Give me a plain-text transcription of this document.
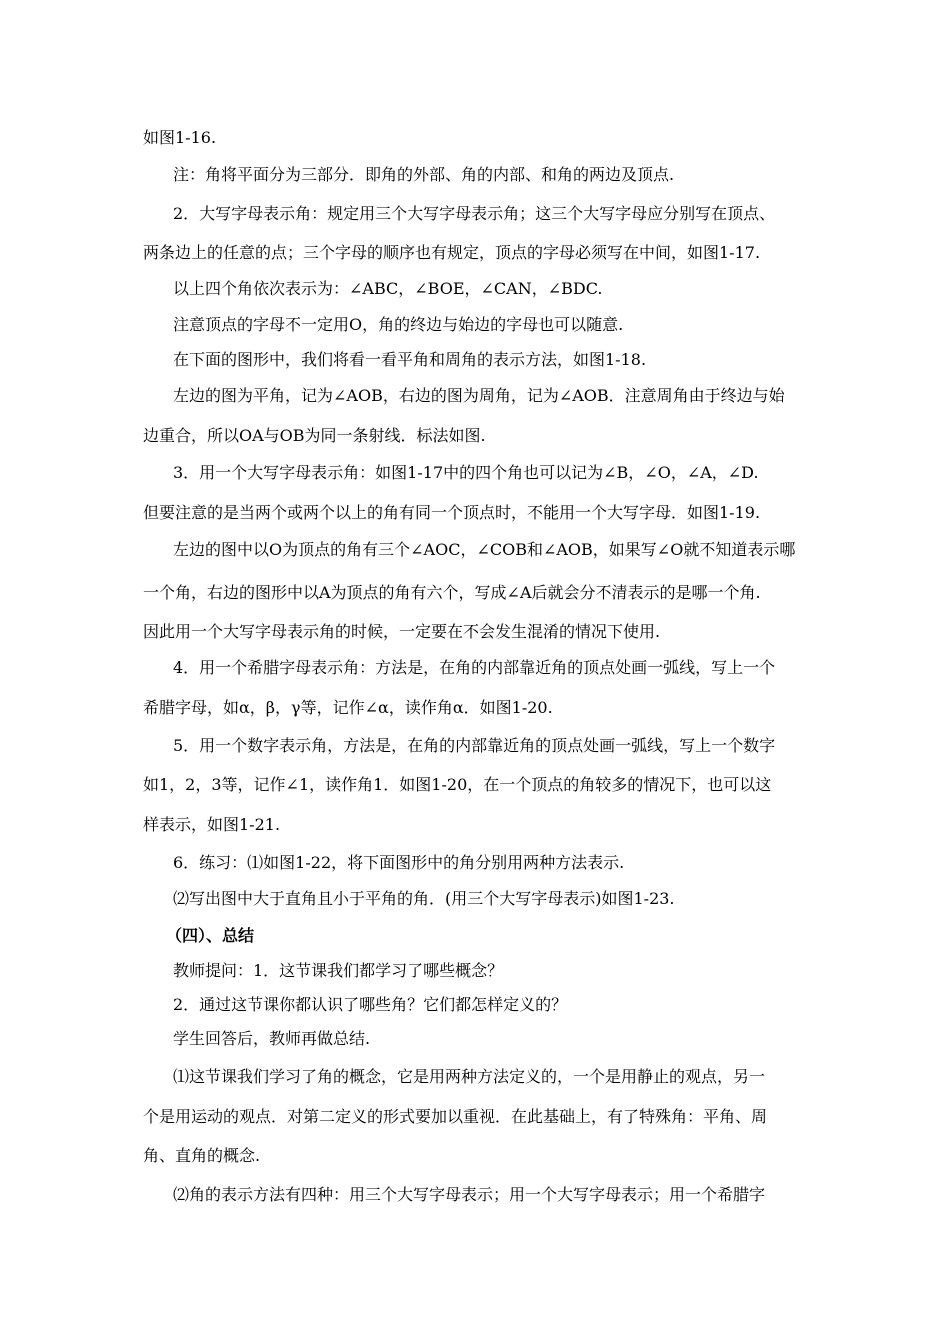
如图1-16.
注：角将平面分为三部分．即角的外部、角的内部、和角的两边及顶点.
2．大写字母表示角：规定用三个大写字母表示角；这三个大写字母应分别写在顶点、
两条边上的任意的点；三个字母的顺序也有规定，顶点的字母必须写在中间，如图1-17.
以上四个角依次表示为：∠ABC，∠BOE，∠CAN，∠BDC.
注意顶点的字母不一定用O，角的终边与始边的字母也可以随意.
在下面的图形中，我们将看一看平角和周角的表示方法，如图1-18.
左边的图为平角，记为∠AOB，右边的图为周角，记为∠AOB．注意周角由于终边与始
边重合，所以OA与OB为同一条射线．标法如图.
3．用一个大写字母表示角：如图1-17中的四个角也可以记为∠B，∠O，∠A，∠D.
但要注意的是当两个或两个以上的角有同一个顶点时，不能用一个大写字母．如图1-19.
左边的图中以O为顶点的角有三个∠AOC，∠COB和∠AOB，如果写∠O就不知道表示哪
一个角，右边的图形中以A为顶点的角有六个，写成∠A后就会分不清表示的是哪一个角.
因此用一个大写字母表示角的时候，一定要在不会发生混淆的情况下使用.
4．用一个希腊字母表示角：方法是，在角的内部靠近角的顶点处画一弧线，写上一个
希腊字母，如α，β，γ等，记作∠α，读作角α．如图1-20.
5．用一个数字表示角，方法是，在角的内部靠近角的顶点处画一弧线，写上一个数字
如1，2，3等，记作∠1，读作角1．如图1-20，在一个顶点的角较多的情况下，也可以这
样表示，如图1-21.
6．练习：⑴如图1-22，将下面图形中的角分别用两种方法表示.
⑵写出图中大于直角且小于平角的角．(用三个大写字母表示)如图1-23.
（四）、总结
教师提问：1．这节课我们都学习了哪些概念？
2．通过这节课你都认识了哪些角？它们都怎样定义的？
学生回答后，教师再做总结.
⑴这节课我们学习了角的概念，它是用两种方法定义的，一个是用静止的观点，另一
个是用运动的观点．对第二定义的形式要加以重视．在此基础上，有了特殊角：平角、周
角、直角的概念.
⑵角的表示方法有四种：用三个大写字母表示；用一个大写字母表示；用一个希腊字
